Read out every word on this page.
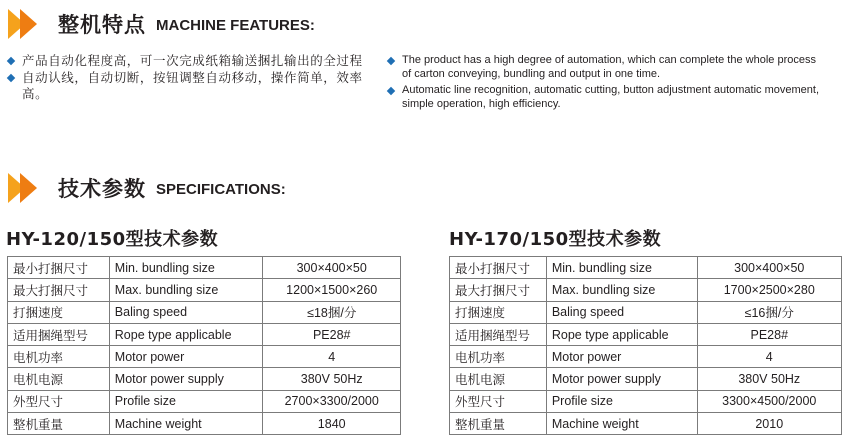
整机特点 MACHINE FEATURES:
产品自动化程度高，可一次完成纸箱输送捆扎输出的全过程
自动认线，自动切断，按钮调整自动移动，操作简单，效率高。
The product has a high degree of automation, which can complete the whole process of carton conveying, bundling and output in one time.
Automatic line recognition, automatic cutting, button adjustment automatic movement, simple operation, high efficiency.
技术参数 SPECIFICATIONS:
HY-120/150型技术参数	HY-170/150型技术参数
最小打捆尺寸	Min. bundling size	300×400×50
最大打捆尺寸	Max. bundling size	1200×1500×260
打捆速度	Baling speed	≤18捆/分
适用捆绳型号	Rope type applicable	PE28#
电机功率	Motor power	4
电机电源	Motor power supply	380V 50Hz
外型尺寸	Profile size	2700×3300/2000
整机重量	Machine weight	1840
最小打捆尺寸	Min. bundling size	300×400×50
最大打捆尺寸	Max. bundling size	1700×2500×280
打捆速度	Baling speed	≤16捆/分
适用捆绳型号	Rope type applicable	PE28#
电机功率	Motor power	4
电机电源	Motor power supply	380V 50Hz
外型尺寸	Profile size	3300×4500/2000
整机重量	Machine weight	2010
